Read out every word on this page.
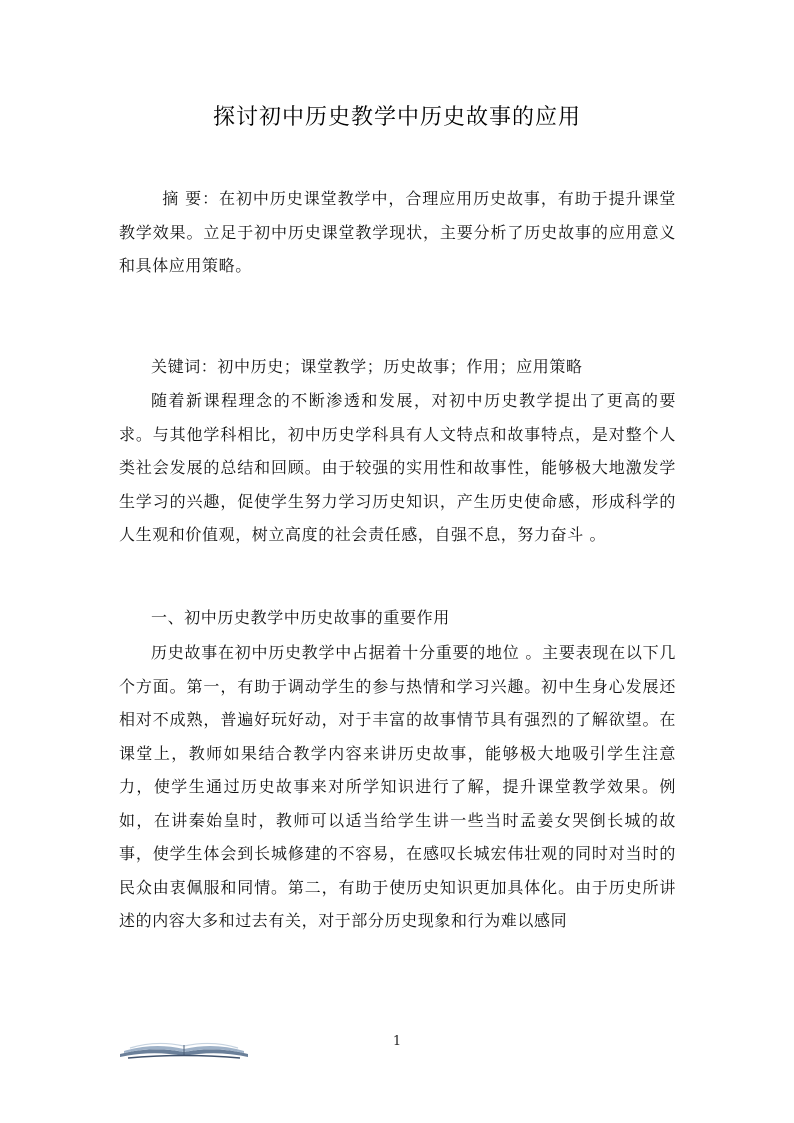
探讨初中历史教学中历史故事的应用

摘 要：在初中历史课堂教学中，合理应用历史故事，有助于提升课堂教学效果。立足于初中历史课堂教学现状，主要分析了历史故事的应用意义和具体应用策略。

关键词：初中历史；课堂教学；历史故事；作用；应用策略

随着新课程理念的不断渗透和发展，对初中历史教学提出了更高的要求。与其他学科相比，初中历史学科具有人文特点和故事特点，是对整个人类社会发展的总结和回顾。由于较强的实用性和故事性，能够极大地激发学生学习的兴趣，促使学生努力学习历史知识，产生历史使命感，形成科学的人生观和价值观，树立高度的社会责任感，自强不息，努力奋斗 。

一、初中历史教学中历史故事的重要作用

历史故事在初中历史教学中占据着十分重要的地位 。主要表现在以下几个方面。第一，有助于调动学生的参与热情和学习兴趣。初中生身心发展还相对不成熟，普遍好玩好动，对于丰富的故事情节具有强烈的了解欲望。在课堂上，教师如果结合教学内容来讲历史故事，能够极大地吸引学生注意力，使学生通过历史故事来对所学知识进行了解，提升课堂教学效果。例如，在讲秦始皇时，教师可以适当给学生讲一些当时孟姜女哭倒长城的故事，使学生体会到长城修建的不容易，在感叹长城宏伟壮观的同时对当时的民众由衷佩服和同情。第二，有助于使历史知识更加具体化。由于历史所讲述的内容大多和过去有关，对于部分历史现象和行为难以感同

1
